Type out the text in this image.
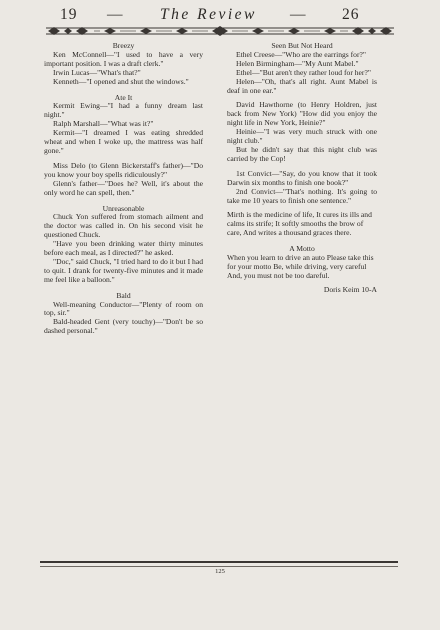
19 — The Review — 26

Breezy

Ken McConnell—"I used to have a very important position. I was a draft clerk."

Irwin Lucas—"What's that?"

Kenneth—"I opened and shut the windows."

Ate It

Kermit Ewing—"I had a funny dream last night."

Ralph Marshall—"What was it?"

Kermit—"I dreamed I was eating shredded wheat and when I woke up, the mattress was half gone."

Miss Delo (to Glenn Bickerstaff's father)—"Do you know your boy spells ridiculously?"

Glenn's father—"Does he? Well, it's about the only word he can spell, then."

Unreasonable

Chuck Yon suffered from stomach ailment and the doctor was called in. On his second visit he questioned Chuck.

"Have you been drinking water thirty minutes before each meal, as I directed?" he asked.

"Doc," said Chuck, "I tried hard to do it but I had to quit. I drank for twenty-five minutes and it made me feel like a balloon."

Bald

Well-meaning Conductor—"Plenty of room on top, sir."

Bald-headed Gent (very touchy)—"Don't be so dashed personal."

Seen But Not Heard

Ethel Creese—"Who are the earrings for?"

Helen Birmingham—"My Aunt Mabel."

Ethel—"But aren't they rather loud for her?"

Helen—"Oh, that's all right. Aunt Mabel is deaf in one ear."

David Hawthorne (to Henry Holdren, just back from New York) "How did you enjoy the night life in New York, Heinie?"

Heinie—"I was very much struck with one night club."

But he didn't say that this night club was carried by the Cop!

1st Convict—"Say, do you know that it took Darwin six months to finish one book?"

2nd Convict—"That's nothing. It's going to take me 10 years to finish one sentence."

Mirth is the medicine of life, It cures its ills and calms its strife; It softly smooths the brow of care, And writes a thousand graces there.

A Motto

When you learn to drive an auto Please take this for your motto Be, while driving, very careful And, you must not be too dareful.

Doris Keim 10-A

125
